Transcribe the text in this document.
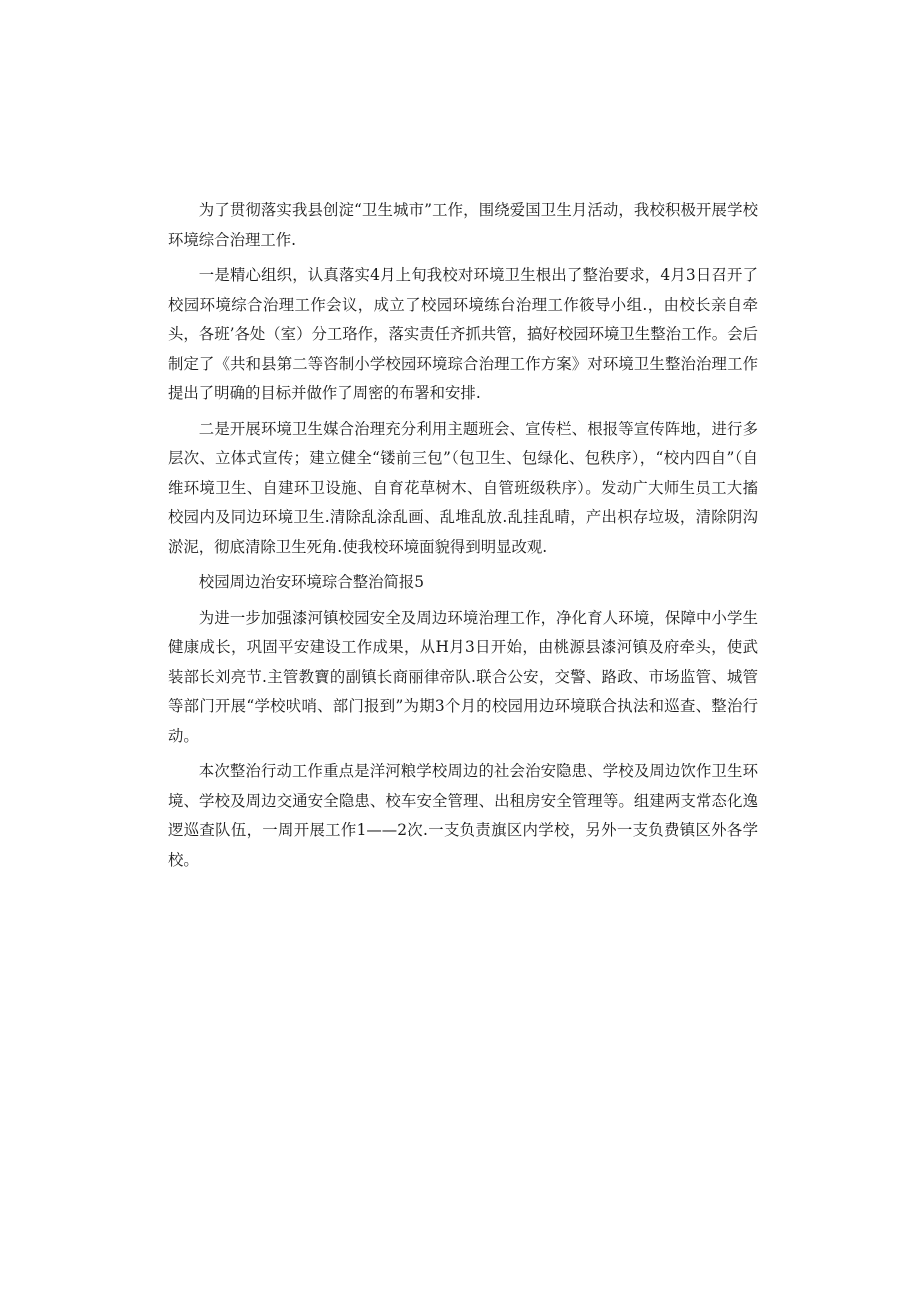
为了贯彻落实我县创淀“卫生城市”工作，围绕爱国卫生月活动，我校积极开展学校环境综合治理工作.

一是精心组织，认真落实4月上旬我校对环境卫生根出了整治要求，4月3日召开了校园环境综合治理工作会议，成立了校园环境练台治理工作筱导小组.，由校长亲自牵头，各班’各处（室）分工珞作，落实责任齐抓共管，搞好校园环境卫生整治工作。会后制定了《共和县第二等咨制小学校园环境琮合治理工作方案》对环境卫生整治治理工作提出了明确的目标并做作了周密的布署和安排.

二是开展环境卫生媒合治理充分利用主题班会、宣传栏、根报等宣传阵地，进行多层次、立体式宣传；建立健全“镂前三包”（包卫生、包绿化、包秩序），“校内四自”（自维环境卫生、自建环卫设施、自育花草树木、自管班级秩序）。发动广大师生员工大搐校园内及同边环境卫生.清除乱涂乱画、乱堆乱放.乱挂乱晴，产出枳存垃圾，清除阴沟淤泥，彻底清除卫生死角.使我校环境面貌得到明显改观.

校园周边治安环境琮合整治简报5

为进一步加强漆河镇校园安全及周边环境治理工作，净化育人环境，保障中小学生健康成长，巩固平安建设工作成果，从H月3日开始，由桃源县漆河镇及府牵头，使武装部长刘亮节.主管教寶的副镇长商丽律帝队.联合公安，交警、路政、市场监管、城管等部门开展“学校吠哨、部门报到”为期3个月的校园用边环境联合执法和巡查、整治行动。

本次整治行动工作重点是洋河粮学校周边的社会治安隐患、学校及周边饮作卫生环境、学校及周边交通安全隐患、校车安全管理、出租房安全管理等。组建两支常态化逸逻巡查队伍，一周开展工作1——2次.一支负责旗区内学校，另外一支负费镇区外各学校。
